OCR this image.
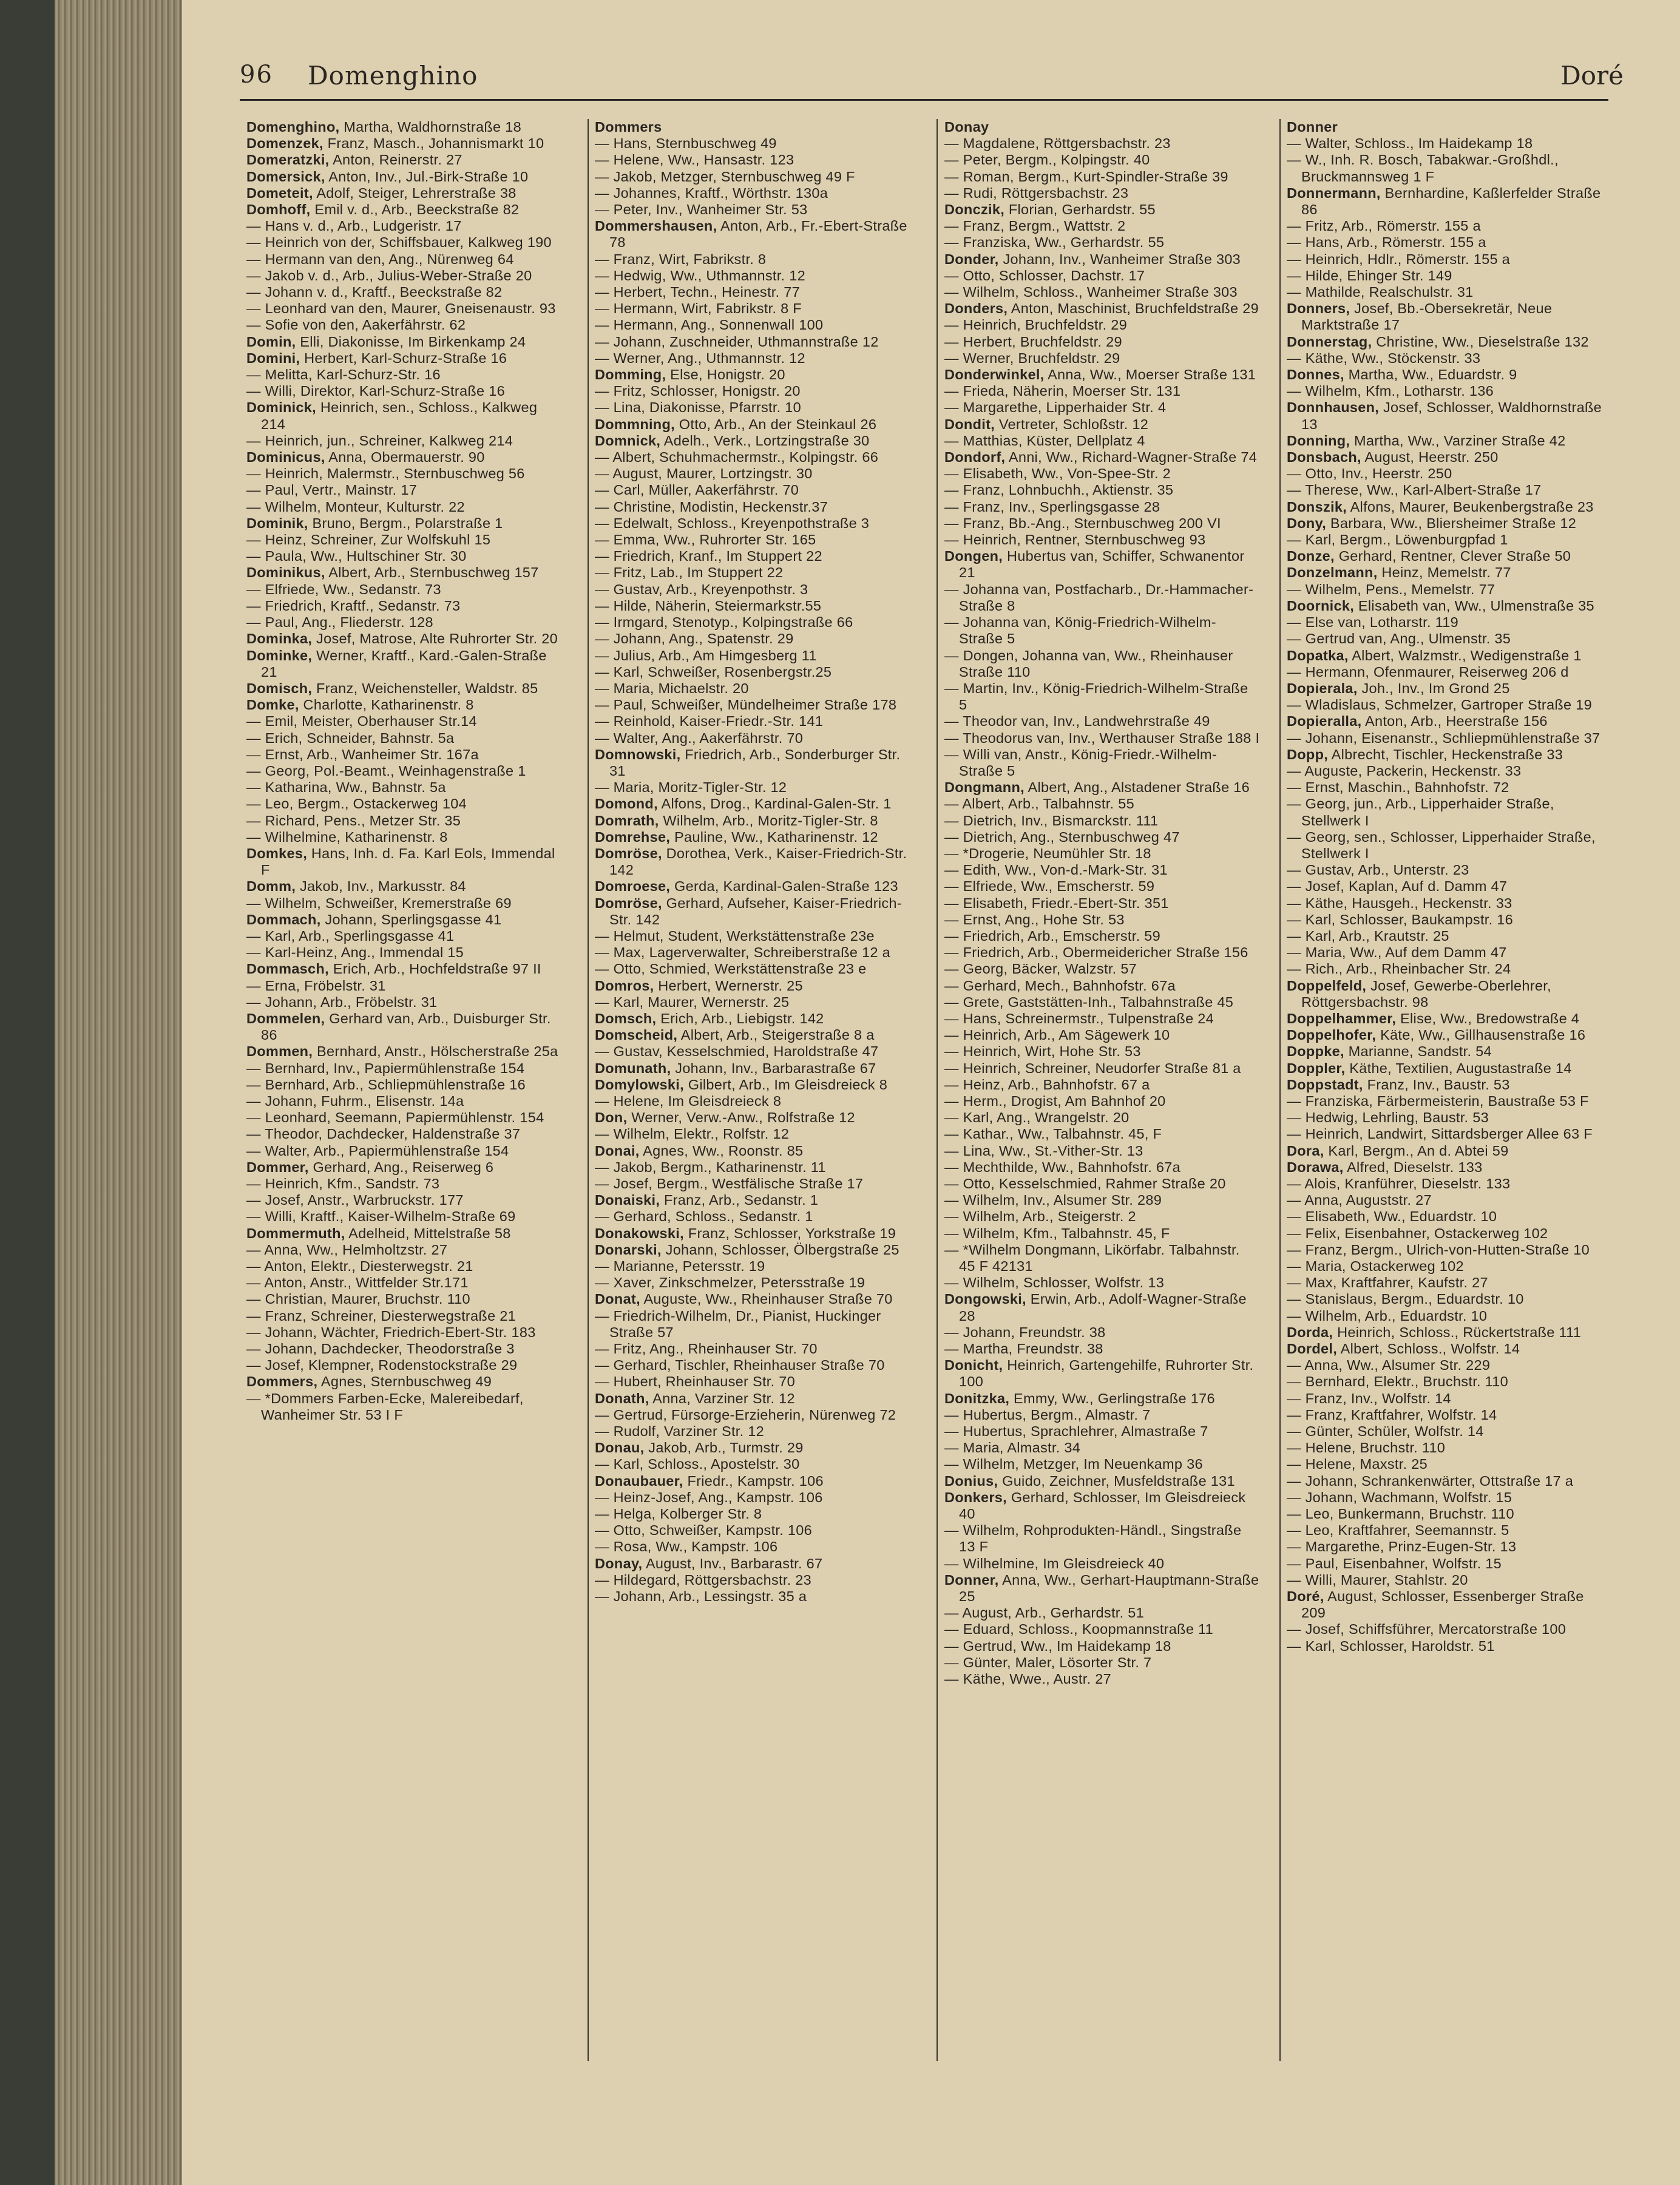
96 Domenghino	Doré

Domenghino, Martha, Waldhornstraße 18

Domenzek, Franz, Masch., Johannismarkt 10

Domeratzki, Anton, Reinerstr. 27

Domersick, Anton, Inv., Jul.-Birk-Straße 10

Dometeit, Adolf, Steiger, Lehrerstraße 38

Domhoff, Emil v. d., Arb., Beeckstraße 82

— Hans v. d., Arb., Ludgeristr. 17

— Heinrich von der, Schiffsbauer, Kalkweg 190

— Hermann van den, Ang., Nürenweg 64

— Jakob v. d., Arb., Julius-Weber-Straße 20

— Johann v. d., Kraftf., Beeckstraße 82

— Leonhard van den, Maurer, Gneisenaustr. 93

— Sofie von den, Aakerfährstr. 62

Domin, Elli, Diakonisse, Im Birkenkamp 24

Domini, Herbert, Karl-Schurz-Straße 16

— Melitta, Karl-Schurz-Str. 16

— Willi, Direktor, Karl-Schurz-Straße 16

Dominick, Heinrich, sen., Schloss., Kalkweg 214

— Heinrich, jun., Schreiner, Kalkweg 214

Dominicus, Anna, Obermauerstr. 90

— Heinrich, Malermstr., Sternbuschweg 56

— Paul, Vertr., Mainstr. 17

— Wilhelm, Monteur, Kulturstr. 22

Dominik, Bruno, Bergm., Polarstraße 1

— Heinz, Schreiner, Zur Wolfskuhl 15

— Paula, Ww., Hultschiner Str. 30

Dominikus, Albert, Arb., Sternbuschweg 157

— Elfriede, Ww., Sedanstr. 73

— Friedrich, Kraftf., Sedanstr. 73

— Paul, Ang., Fliederstr. 128

Dominka, Josef, Matrose, Alte Ruhrorter Str. 20

Dominke, Werner, Kraftf., Kard.-Galen-Straße 21

Domisch, Franz, Weichensteller, Waldstr. 85

Domke, Charlotte, Katharinenstr. 8

— Emil, Meister, Oberhauser Str.14

— Erich, Schneider, Bahnstr. 5a

— Ernst, Arb., Wanheimer Str. 167a

— Georg, Pol.-Beamt., Weinhagenstraße 1

— Katharina, Ww., Bahnstr. 5a

— Leo, Bergm., Ostackerweg 104

— Richard, Pens., Metzer Str. 35

— Wilhelmine, Katharinenstr. 8

Domkes, Hans, Inh. d. Fa. Karl Eols, Immendal F

Domm, Jakob, Inv., Markusstr. 84

— Wilhelm, Schweißer, Kremerstraße 69

Dommach, Johann, Sperlingsgasse 41

— Karl, Arb., Sperlingsgasse 41

— Karl-Heinz, Ang., Immendal 15

Dommasch, Erich, Arb., Hochfeldstraße 97 II

— Erna, Fröbelstr. 31

— Johann, Arb., Fröbelstr. 31

Dommelen, Gerhard van, Arb., Duisburger Str. 86

Dommen, Bernhard, Anstr., Hölscherstraße 25a

— Bernhard, Inv., Papiermühlenstraße 154

— Bernhard, Arb., Schliepmühlenstraße 16

— Johann, Fuhrm., Elisenstr. 14a

— Leonhard, Seemann, Papiermühlenstr. 154

— Theodor, Dachdecker, Haldenstraße 37

— Walter, Arb., Papiermühlenstraße 154

Dommer, Gerhard, Ang., Reiserweg 6

— Heinrich, Kfm., Sandstr. 73

— Josef, Anstr., Warbruckstr. 177

— Willi, Kraftf., Kaiser-Wilhelm-Straße 69

Dommermuth, Adelheid, Mittelstraße 58

— Anna, Ww., Helmholtzstr. 27

— Anton, Elektr., Diesterwegstr. 21

— Anton, Anstr., Wittfelder Str.171

— Christian, Maurer, Bruchstr. 110

— Franz, Schreiner, Diesterwegstraße 21

— Johann, Wächter, Friedrich-Ebert-Str. 183

— Johann, Dachdecker, Theodorstraße 3

— Josef, Klempner, Rodenstockstraße 29

Dommers, Agnes, Sternbuschweg 49

— *Dommers Farben-Ecke, Malereibedarf, Wanheimer Str. 53 I F

Dommers

— Hans, Sternbuschweg 49

— Helene, Ww., Hansastr. 123

— Jakob, Metzger, Sternbuschweg 49 F

— Johannes, Kraftf., Wörthstr. 130a

— Peter, Inv., Wanheimer Str. 53

Dommershausen, Anton, Arb., Fr.-Ebert-Straße 78

— Franz, Wirt, Fabrikstr. 8

— Hedwig, Ww., Uthmannstr. 12

— Herbert, Techn., Heinestr. 77

— Hermann, Wirt, Fabrikstr. 8 F

— Hermann, Ang., Sonnenwall 100

— Johann, Zuschneider, Uthmannstraße 12

— Werner, Ang., Uthmannstr. 12

Domming, Else, Honigstr. 20

— Fritz, Schlosser, Honigstr. 20

— Lina, Diakonisse, Pfarrstr. 10

Dommning, Otto, Arb., An der Steinkaul 26

Domnick, Adelh., Verk., Lortzingstraße 30

— Albert, Schuhmachermstr., Kolpingstr. 66

— August, Maurer, Lortzingstr. 30

— Carl, Müller, Aakerfährstr. 70

— Christine, Modistin, Heckenstr.37

— Edelwalt, Schloss., Kreyenpothstraße 3

— Emma, Ww., Ruhrorter Str. 165

— Friedrich, Kranf., Im Stuppert 22

— Fritz, Lab., Im Stuppert 22

— Gustav, Arb., Kreyenpothstr. 3

— Hilde, Näherin, Steiermarkstr.55

— Irmgard, Stenotyp., Kolpingstraße 66

— Johann, Ang., Spatenstr. 29

— Julius, Arb., Am Himgesberg 11

— Karl, Schweißer, Rosenbergstr.25

— Maria, Michaelstr. 20

— Paul, Schweißer, Mündelheimer Straße 178

— Reinhold, Kaiser-Friedr.-Str. 141

— Walter, Ang., Aakerfährstr. 70

Domnowski, Friedrich, Arb., Sonderburger Str. 31

— Maria, Moritz-Tigler-Str. 12

Domond, Alfons, Drog., Kardinal-Galen-Str. 1

Domrath, Wilhelm, Arb., Moritz-Tigler-Str. 8

Domrehse, Pauline, Ww., Katharinenstr. 12

Domröse, Dorothea, Verk., Kaiser-Friedrich-Str. 142

Domroese, Gerda, Kardinal-Galen-Straße 123

Domröse, Gerhard, Aufseher, Kaiser-Friedrich-Str. 142

— Helmut, Student, Werkstättenstraße 23e

— Max, Lagerverwalter, Schreiberstraße 12 a

— Otto, Schmied, Werkstättenstraße 23 e

Domros, Herbert, Wernerstr. 25

— Karl, Maurer, Wernerstr. 25

Domsch, Erich, Arb., Liebigstr. 142

Domscheid, Albert, Arb., Steigerstraße 8 a

— Gustav, Kesselschmied, Haroldstraße 47

Domunath, Johann, Inv., Barbarastraße 67

Domylowski, Gilbert, Arb., Im Gleisdreieck 8

— Helene, Im Gleisdreieck 8

Don, Werner, Verw.-Anw., Rolfstraße 12

— Wilhelm, Elektr., Rolfstr. 12

Donai, Agnes, Ww., Roonstr. 85

— Jakob, Bergm., Katharinenstr. 11

— Josef, Bergm., Westfälische Straße 17

Donaiski, Franz, Arb., Sedanstr. 1

— Gerhard, Schloss., Sedanstr. 1

Donakowski, Franz, Schlosser, Yorkstraße 19

Donarski, Johann, Schlosser, Ölbergstraße 25

— Marianne, Petersstr. 19

— Xaver, Zinkschmelzer, Petersstraße 19

Donat, Auguste, Ww., Rheinhauser Straße 70

— Friedrich-Wilhelm, Dr., Pianist, Huckinger Straße 57

— Fritz, Ang., Rheinhauser Str. 70

— Gerhard, Tischler, Rheinhauser Straße 70

— Hubert, Rheinhauser Str. 70

Donath, Anna, Varziner Str. 12

— Gertrud, Fürsorge-Erzieherin, Nürenweg 72

— Rudolf, Varziner Str. 12

Donau, Jakob, Arb., Turmstr. 29

— Karl, Schloss., Apostelstr. 30

Donaubauer, Friedr., Kampstr. 106

— Heinz-Josef, Ang., Kampstr. 106

— Helga, Kolberger Str. 8

— Otto, Schweißer, Kampstr. 106

— Rosa, Ww., Kampstr. 106

Donay, August, Inv., Barbarastr. 67

— Hildegard, Röttgersbachstr. 23

— Johann, Arb., Lessingstr. 35 a

Donay

— Magdalene, Röttgersbachstr. 23

— Peter, Bergm., Kolpingstr. 40

— Roman, Bergm., Kurt-Spindler-Straße 39

— Rudi, Röttgersbachstr. 23

Donczik, Florian, Gerhardstr. 55

— Franz, Bergm., Wattstr. 2

— Franziska, Ww., Gerhardstr. 55

Donder, Johann, Inv., Wanheimer Straße 303

— Otto, Schlosser, Dachstr. 17

— Wilhelm, Schloss., Wanheimer Straße 303

Donders, Anton, Maschinist, Bruchfeldstraße 29

— Heinrich, Bruchfeldstr. 29

— Herbert, Bruchfeldstr. 29

— Werner, Bruchfeldstr. 29

Donderwinkel, Anna, Ww., Moerser Straße 131

— Frieda, Näherin, Moerser Str. 131

— Margarethe, Lipperhaider Str. 4

Dondit, Vertreter, Schloßstr. 12

— Matthias, Küster, Dellplatz 4

Dondorf, Anni, Ww., Richard-Wagner-Straße 74

— Elisabeth, Ww., Von-Spee-Str. 2

— Franz, Lohnbuchh., Aktienstr. 35

— Franz, Inv., Sperlingsgasse 28

— Franz, Bb.-Ang., Sternbuschweg 200 VI

— Heinrich, Rentner, Sternbuschweg 93

Dongen, Hubertus van, Schiffer, Schwanentor 21

— Johanna van, Postfacharb., Dr.-Hammacher-Straße 8

— Johanna van, König-Friedrich-Wilhelm-Straße 5

— Dongen, Johanna van, Ww., Rheinhauser Straße 110

— Martin, Inv., König-Friedrich-Wilhelm-Straße 5

— Theodor van, Inv., Landwehrstraße 49

— Theodorus van, Inv., Werthauser Straße 188 I

— Willi van, Anstr., König-Friedr.-Wilhelm-Straße 5

Dongmann, Albert, Ang., Alstadener Straße 16

— Albert, Arb., Talbahnstr. 55

— Dietrich, Inv., Bismarckstr. 111

— Dietrich, Ang., Sternbuschweg 47

— *Drogerie, Neumühler Str. 18

— Edith, Ww., Von-d.-Mark-Str. 31

— Elfriede, Ww., Emscherstr. 59

— Elisabeth, Friedr.-Ebert-Str. 351

— Ernst, Ang., Hohe Str. 53

— Friedrich, Arb., Emscherstr. 59

— Friedrich, Arb., Obermeidericher Straße 156

— Georg, Bäcker, Walzstr. 57

— Gerhard, Mech., Bahnhofstr. 67a

— Grete, Gaststätten-Inh., Talbahnstraße 45

— Hans, Schreinermstr., Tulpenstraße 24

— Heinrich, Arb., Am Sägewerk 10

— Heinrich, Wirt, Hohe Str. 53

— Heinrich, Schreiner, Neudorfer Straße 81 a

— Heinz, Arb., Bahnhofstr. 67 a

— Herm., Drogist, Am Bahnhof 20

— Karl, Ang., Wrangelstr. 20

— Kathar., Ww., Talbahnstr. 45, F

— Lina, Ww., St.-Vither-Str. 13

— Mechthilde, Ww., Bahnhofstr. 67a

— Otto, Kesselschmied, Rahmer Straße 20

— Wilhelm, Inv., Alsumer Str. 289

— Wilhelm, Arb., Steigerstr. 2

— Wilhelm, Kfm., Talbahnstr. 45, F

— *Wilhelm Dongmann, Likörfabr. Talbahnstr. 45 F 42131

— Wilhelm, Schlosser, Wolfstr. 13

Dongowski, Erwin, Arb., Adolf-Wagner-Straße 28

— Johann, Freundstr. 38

— Martha, Freundstr. 38

Donicht, Heinrich, Gartengehilfe, Ruhrorter Str. 100

Donitzka, Emmy, Ww., Gerlingstraße 176

— Hubertus, Bergm., Almastr. 7

— Hubertus, Sprachlehrer, Almastraße 7

— Maria, Almastr. 34

— Wilhelm, Metzger, Im Neuenkamp 36

Donius, Guido, Zeichner, Musfeldstraße 131

Donkers, Gerhard, Schlosser, Im Gleisdreieck 40

— Wilhelm, Rohprodukten-Händl., Singstraße 13 F

— Wilhelmine, Im Gleisdreieck 40

Donner, Anna, Ww., Gerhart-Hauptmann-Straße 25

— August, Arb., Gerhardstr. 51

— Eduard, Schloss., Koopmannstraße 11

— Gertrud, Ww., Im Haidekamp 18

— Günter, Maler, Lösorter Str. 7

— Käthe, Wwe., Austr. 27

Donner

— Walter, Schloss., Im Haidekamp 18

— W., Inh. R. Bosch, Tabakwar.-Großhdl., Bruckmannsweg 1 F

Donnermann, Bernhardine, Kaßlerfelder Straße 86

— Fritz, Arb., Römerstr. 155 a

— Hans, Arb., Römerstr. 155 a

— Heinrich, Hdlr., Römerstr. 155 a

— Hilde, Ehinger Str. 149

— Mathilde, Realschulstr. 31

Donners, Josef, Bb.-Obersekretär, Neue Marktstraße 17

Donnerstag, Christine, Ww., Dieselstraße 132

— Käthe, Ww., Stöckenstr. 33

Donnes, Martha, Ww., Eduardstr. 9

— Wilhelm, Kfm., Lotharstr. 136

Donnhausen, Josef, Schlosser, Waldhornstraße 13

Donning, Martha, Ww., Varziner Straße 42

Donsbach, August, Heerstr. 250

— Otto, Inv., Heerstr. 250

— Therese, Ww., Karl-Albert-Straße 17

Donszik, Alfons, Maurer, Beukenbergstraße 23

Dony, Barbara, Ww., Bliersheimer Straße 12

— Karl, Bergm., Löwenburgpfad 1

Donze, Gerhard, Rentner, Clever Straße 50

Donzelmann, Heinz, Memelstr. 77

— Wilhelm, Pens., Memelstr. 77

Doornick, Elisabeth van, Ww., Ulmenstraße 35

— Else van, Lotharstr. 119

— Gertrud van, Ang., Ulmenstr. 35

Dopatka, Albert, Walzmstr., Wedigenstraße 1

— Hermann, Ofenmaurer, Reiserweg 206 d

Dopierala, Joh., Inv., Im Grond 25

— Wladislaus, Schmelzer, Gartroper Straße 19

Dopieralla, Anton, Arb., Heerstraße 156

— Johann, Eisenanstr., Schliepmühlenstraße 37

Dopp, Albrecht, Tischler, Heckenstraße 33

— Auguste, Packerin, Heckenstr. 33

— Ernst, Maschin., Bahnhofstr. 72

— Georg, jun., Arb., Lipperhaider Straße, Stellwerk I

— Georg, sen., Schlosser, Lipperhaider Straße, Stellwerk I

— Gustav, Arb., Unterstr. 23

— Josef, Kaplan, Auf d. Damm 47

— Käthe, Hausgeh., Heckenstr. 33

— Karl, Schlosser, Baukampstr. 16

— Karl, Arb., Krautstr. 25

— Maria, Ww., Auf dem Damm 47

— Rich., Arb., Rheinbacher Str. 24

Doppelfeld, Josef, Gewerbe-Oberlehrer, Röttgersbachstr. 98

Doppelhammer, Elise, Ww., Bredowstraße 4

Doppelhofer, Käte, Ww., Gillhausenstraße 16

Doppke, Marianne, Sandstr. 54

Doppler, Käthe, Textilien, Augustastraße 14

Doppstadt, Franz, Inv., Baustr. 53

— Franziska, Färbermeisterin, Baustraße 53 F

— Hedwig, Lehrling, Baustr. 53

— Heinrich, Landwirt, Sittardsberger Allee 63 F

Dora, Karl, Bergm., An d. Abtei 59

Dorawa, Alfred, Dieselstr. 133

— Alois, Kranführer, Dieselstr. 133

— Anna, Auguststr. 27

— Elisabeth, Ww., Eduardstr. 10

— Felix, Eisenbahner, Ostackerweg 102

— Franz, Bergm., Ulrich-von-Hutten-Straße 10

— Maria, Ostackerweg 102

— Max, Kraftfahrer, Kaufstr. 27

— Stanislaus, Bergm., Eduardstr. 10

— Wilhelm, Arb., Eduardstr. 10

Dorda, Heinrich, Schloss., Rückertstraße 111

Dordel, Albert, Schloss., Wolfstr. 14

— Anna, Ww., Alsumer Str. 229

— Bernhard, Elektr., Bruchstr. 110

— Franz, Inv., Wolfstr. 14

— Franz, Kraftfahrer, Wolfstr. 14

— Günter, Schüler, Wolfstr. 14

— Helene, Bruchstr. 110

— Helene, Maxstr. 25

— Johann, Schrankenwärter, Ottstraße 17 a

— Johann, Wachmann, Wolfstr. 15

— Leo, Bunkermann, Bruchstr. 110

— Leo, Kraftfahrer, Seemannstr. 5

— Margarethe, Prinz-Eugen-Str. 13

— Paul, Eisenbahner, Wolfstr. 15

— Willi, Maurer, Stahlstr. 20

Doré, August, Schlosser, Essenberger Straße 209

— Josef, Schiffsführer, Mercatorstraße 100

— Karl, Schlosser, Haroldstr. 51
